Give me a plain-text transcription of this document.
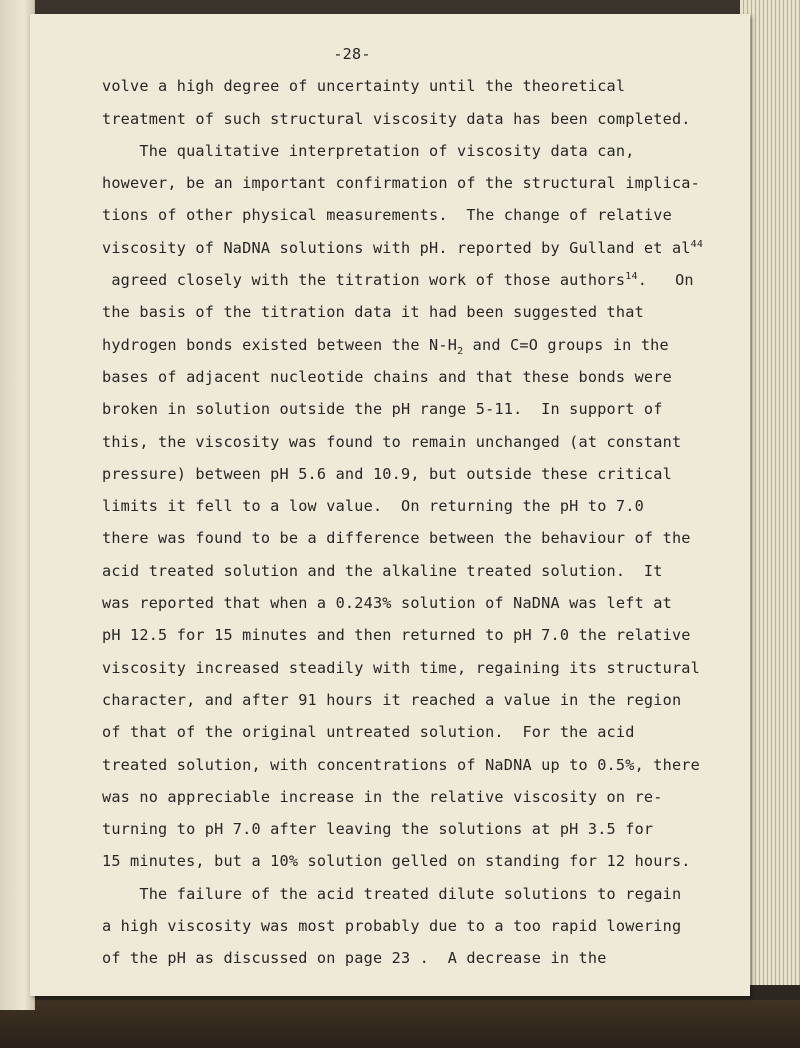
-28-
volve a high degree of uncertainty until the theoretical
treatment of such structural viscosity data has been completed.
The qualitative interpretation of viscosity data can,
however, be an important confirmation of the structural implica-
tions of other physical measurements.  The change of relative
viscosity of NaDNA solutions with pH. reported by Gulland et $al^{44}$
agreed closely with the titration work of those authors$^{14}$.   On
the basis of the titration data it had been suggested that
hydrogen bonds existed between the $N-H_2$ and C=O groups in the
bases of adjacent nucleotide chains and that these bonds were
broken in solution outside the pH range 5-11.  In support of
this, the viscosity was found to remain unchanged (at constant
pressure) between pH 5.6 and 10.9, but outside these critical
limits it fell to a low value.  On returning the pH to 7.0
there was found to be a difference between the behaviour of the
acid treated solution and the alkaline treated solution.  It
was reported that when a 0.243% solution of NaDNA was left at
pH 12.5 for 15 minutes and then returned to pH 7.0 the relative
viscosity increased steadily with time, regaining its structural
character, and after 91 hours it reached a value in the region
of that of the original untreated solution.  For the acid
treated solution, with concentrations of NaDNA up to 0.5%, there
was no appreciable increase in the relative viscosity on re-
turning to pH 7.0 after leaving the solutions at pH 3.5 for
15 minutes, but a 10% solution gelled on standing for 12 hours.
The failure of the acid treated dilute solutions to regain
a high viscosity was most probably due to a too rapid lowering
of the pH as discussed on page 23 .  A decrease in the
